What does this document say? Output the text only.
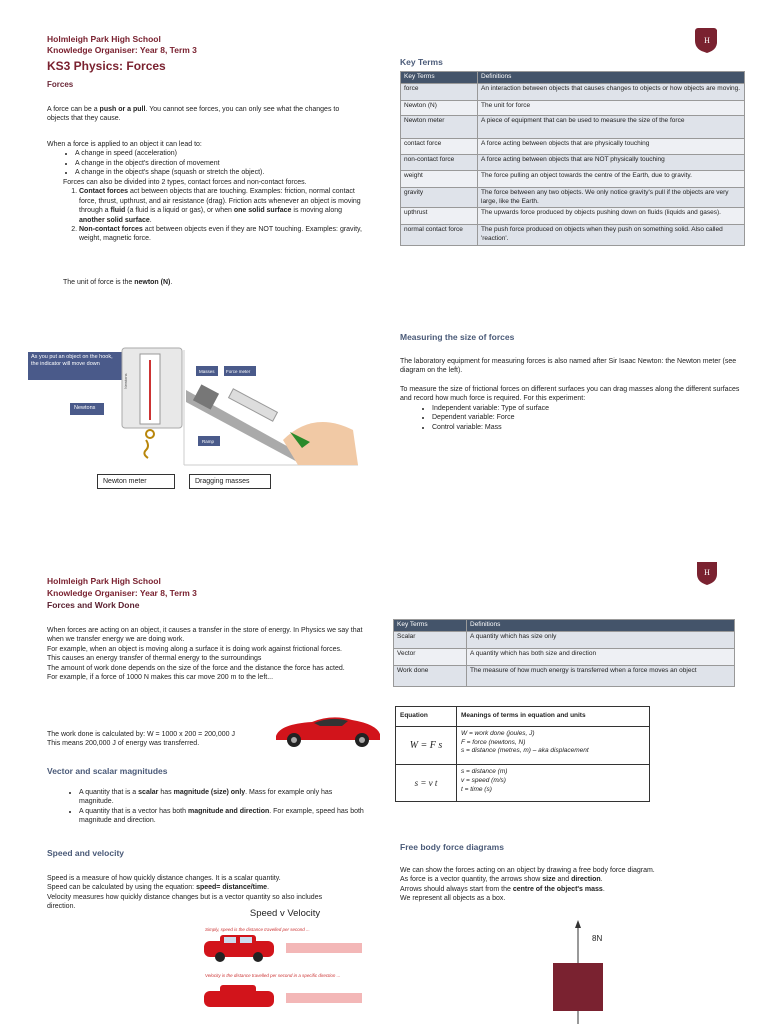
Holmleigh Park High School
Knowledge Organiser: Year 8, Term 3
KS3 Physics: Forces
Forces
H

A force can be a push or a pull. You cannot see forces, you can only see what the changes to objects that they cause.

When a force is applied to an object it can lead to:

• A change in speed (acceleration)
• A change in the object's direction of movement
• A change in the object's shape (squash or stretch the object).

Forces can also be divided into 2 types, contact forces and non-contact forces.

1. Contact forces act between objects that are touching. Examples: friction, normal contact force, thrust, upthrust, and air resistance (drag). Friction acts whenever an object is moving through a fluid (a fluid is a liquid or gas), or when one solid surface is moving along another solid surface.
2. Non-contact forces act between objects even if they are NOT touching. Examples: gravity, weight, magnetic force.
The unit of force is the newton (N).
Key Terms
Key Terms	Definitions
force	An interaction between objects that causes changes to objects or how objects are moving.
Newton (N)	The unit for force
Newton meter	A piece of equipment that can be used to measure the size of the force
contact force	A force acting between objects that are physically touching
non-contact force	A force acting between objects that are NOT physically touching
weight	The force pulling an object towards the centre of the Earth, due to gravity.
gravity	The force between any two objects. We only notice gravity's pull if the objects are very large, like the Earth.
upthrust	The upwards force produced by objects pushing down on fluids (liquids and gases).
normal contact force	The push force produced on objects when they push on something solid. Also called 'reaction'.
Measuring the size of forces

The laboratory equipment for measuring forces is also named after Sir Isaac Newton: the Newton meter (see diagram on the left).

To measure the size of frictional forces on different surfaces you can drag masses along the different surfaces and record how much force is required. For this experiment:

• Independent variable: Type of surface
• Dependent variable: Force
• Control variable: Mass
As you put an object on the hook, the indicator will move down
Newtons
Masses	Force meter
Ramp
Newtons
Newton meter	Dragging masses
Holmleigh Park High School
Knowledge Organiser: Year 8, Term 3
Forces and Work Done
H

When forces are acting on an object, it causes a transfer in the store of energy. In Physics we say that when we transfer energy we are doing work.

For example, when an object is moving along a surface it is doing work against frictional forces.

This causes an energy transfer of thermal energy to the surroundings

The amount of work done depends on the size of the force and the distance the force has acted.

For example, if a force of 1000 N makes this car move 200 m to the left...

The work done is calculated by: W = 1000 x 200 = 200,000 J

This means 200,000 J of energy was transferred.

Key Terms	Definitions
Scalar	A quantity which has size only
Vector	A quantity which has both size and direction
Work done	The measure of how much energy is transferred when a force moves an object
Equation	Meanings of terms in equation and units
W = F s	W = work done (joules, J)
F = force (newtons, N)
s = distance (metres, m) – aka displacement

s = v t	s = distance (m)
v = speed (m/s)
t = time (s)
Vector and scalar magnitudes
• A quantity that is a scalar has magnitude (size) only. Mass for example only has magnitude.
• A quantity that is a vector has both magnitude and direction. For example, speed has both magnitude and direction.
Speed and velocity

Speed is a measure of how quickly distance changes. It is a scalar quantity.

Speed can be calculated by using the equation: speed= distance/time.

Velocity measures how quickly distance changes but is a vector quantity so also includes direction.

Speed v Velocity
Simply, speed is the distance travelled per second ...
Velocity is the distance travelled per second in a specific direction ...
This car's speed is 20m/s
Speed of 20m/s to the right
Free body force diagrams

We can show the forces acting on an object by drawing a free body force diagram.

As force is a vector quantity, the arrows show size and direction.

Arrows should always start from the centre of the object's mass.

We represent all objects as a box.

8N
